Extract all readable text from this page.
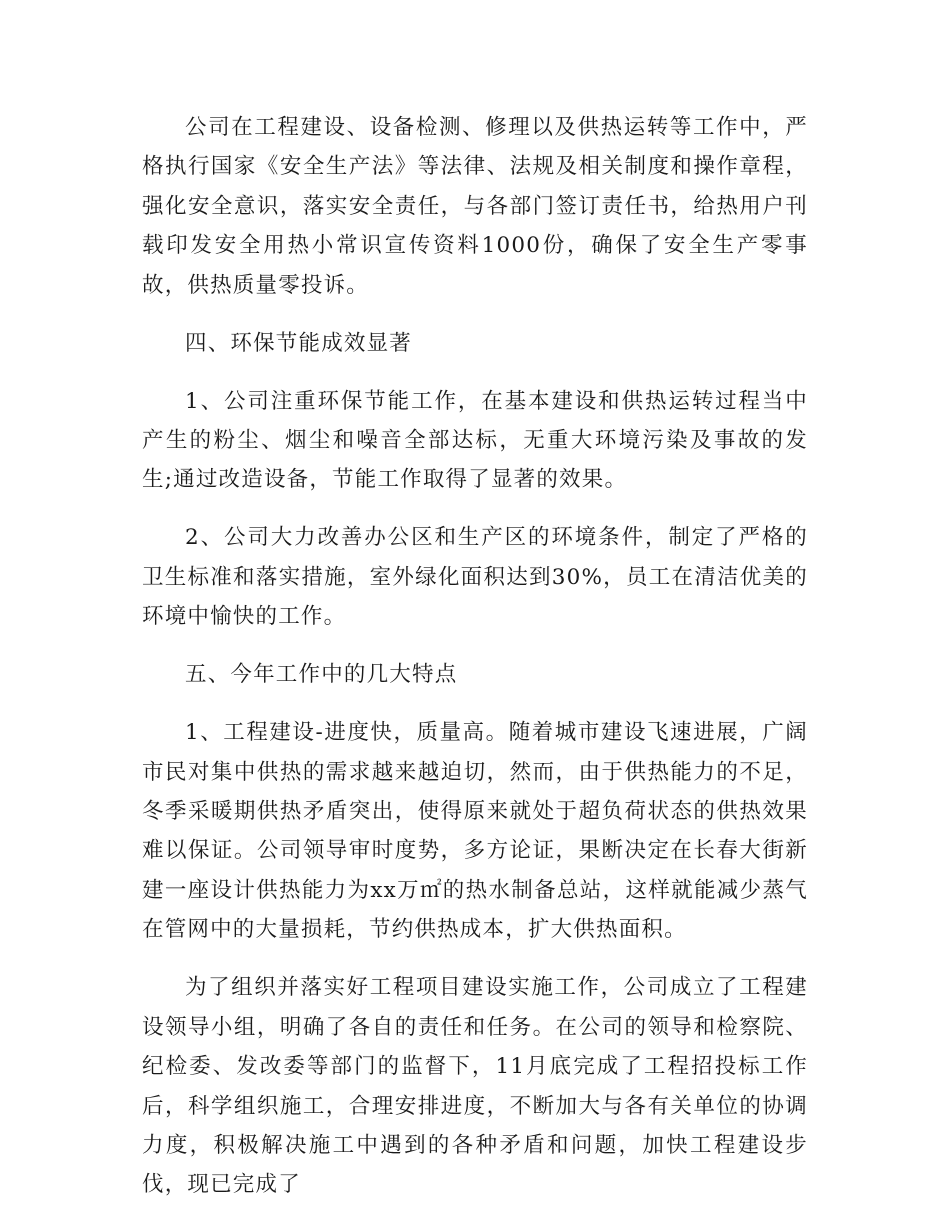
公司在工程建设、设备检测、修理以及供热运转等工作中，严格执行国家《安全生产法》等法律、法规及相关制度和操作章程，强化安全意识，落实安全责任，与各部门签订责任书，给热用户刊载印发安全用热小常识宣传资料1000份，确保了安全生产零事故，供热质量零投诉。

四、环保节能成效显著

1、公司注重环保节能工作，在基本建设和供热运转过程当中产生的粉尘、烟尘和噪音全部达标，无重大环境污染及事故的发生;通过改造设备，节能工作取得了显著的效果。

2、公司大力改善办公区和生产区的环境条件，制定了严格的卫生标准和落实措施，室外绿化面积达到30%，员工在清洁优美的环境中愉快的工作。

五、今年工作中的几大特点

1、工程建设-进度快，质量高。随着城市建设飞速进展，广阔市民对集中供热的需求越来越迫切，然而，由于供热能力的不足，冬季采暖期供热矛盾突出，使得原来就处于超负荷状态的供热效果难以保证。公司领导审时度势，多方论证，果断决定在长春大街新建一座设计供热能力为xx万㎡的热水制备总站，这样就能减少蒸气在管网中的大量损耗，节约供热成本，扩大供热面积。

为了组织并落实好工程项目建设实施工作，公司成立了工程建设领导小组，明确了各自的责任和任务。在公司的领导和检察院、纪检委、发改委等部门的监督下，11月底完成了工程招投标工作后，科学组织施工，合理安排进度，不断加大与各有关单位的协调力度，积极解决施工中遇到的各种矛盾和问题，加快工程建设步伐，现已完成了
